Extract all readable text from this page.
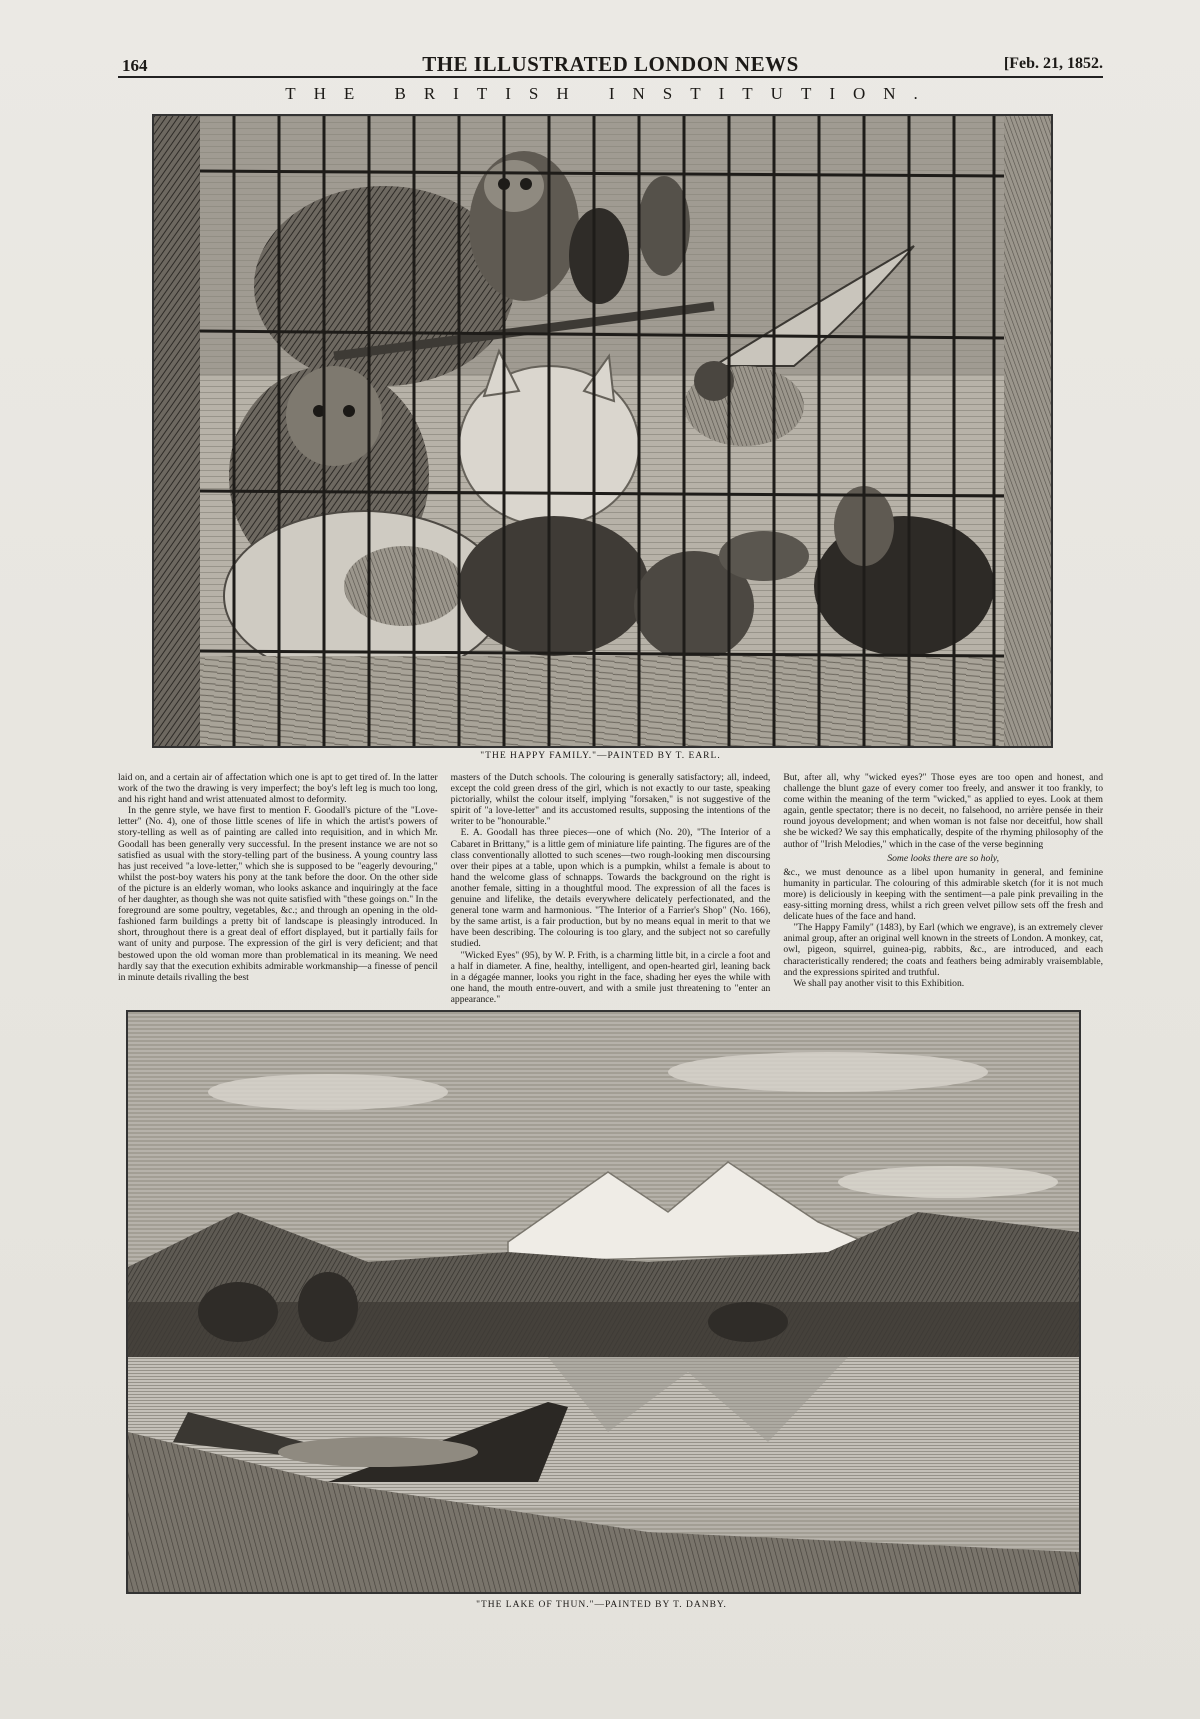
164	THE ILLUSTRATED LONDON NEWS	[Feb. 21, 1852.
THE BRITISH INSTITUTION.
"THE HAPPY FAMILY."—PAINTED BY T. EARL.

laid on, and a certain air of affectation which one is apt to get tired of. In the latter work of the two the drawing is very imperfect; the boy's left leg is much too long, and his right hand and wrist attenuated almost to deformity.

In the genre style, we have first to mention F. Goodall's picture of the "Love-letter" (No. 4), one of those little scenes of life in which the artist's powers of story-telling as well as of painting are called into requisition, and in which Mr. Goodall has been generally very successful. In the present instance we are not so satisfied as usual with the story-telling part of the business. A young country lass has just received "a love-letter," which she is supposed to be "eagerly devouring," whilst the post-boy waters his pony at the tank before the door. On the other side of the picture is an elderly woman, who looks askance and inquiringly at the face of her daughter, as though she was not quite satisfied with "these goings on." In the foreground are some poultry, vegetables, &c.; and through an opening in the old-fashioned farm buildings a pretty bit of landscape is pleasingly introduced. In short, throughout there is a great deal of effort displayed, but it partially fails for want of unity and purpose. The expression of the girl is very deficient; and that bestowed upon the old woman more than problematical in its meaning. We need hardly say that the execution exhibits admirable workmanship—a finesse of pencil in minute details rivalling the best

masters of the Dutch schools. The colouring is generally satisfactory; all, indeed, except the cold green dress of the girl, which is not exactly to our taste, speaking pictorially, whilst the colour itself, implying "forsaken," is not suggestive of the spirit of "a love-letter" and its accustomed results, supposing the intentions of the writer to be "honourable."

E. A. Goodall has three pieces—one of which (No. 20), "The Interior of a Cabaret in Brittany," is a little gem of miniature life painting. The figures are of the class conventionally allotted to such scenes—two rough-looking men discoursing over their pipes at a table, upon which is a pumpkin, whilst a female is about to hand the welcome glass of schnapps. Towards the background on the right is another female, sitting in a thoughtful mood. The expression of all the faces is genuine and lifelike, the details everywhere delicately perfectionated, and the general tone warm and harmonious. "The Interior of a Farrier's Shop" (No. 166), by the same artist, is a fair production, but by no means equal in merit to that we have been describing. The colouring is too glary, and the subject not so carefully studied.

"Wicked Eyes" (95), by W. P. Frith, is a charming little bit, in a circle a foot and a half in diameter. A fine, healthy, intelligent, and open-hearted girl, leaning back in a dégagée manner, looks you right in the face, shading her eyes the while with one hand, the mouth entre-ouvert, and with a smile just threatening to "enter an appearance."

But, after all, why "wicked eyes?" Those eyes are too open and honest, and challenge the blunt gaze of every comer too freely, and answer it too frankly, to come within the meaning of the term "wicked," as applied to eyes. Look at them again, gentle spectator; there is no deceit, no falsehood, no arrière pensée in their round joyous development; and when woman is not false nor deceitful, how shall she be wicked? We say this emphatically, despite of the rhyming philosophy of the author of "Irish Melodies," which in the case of the verse beginning

Some looks there are so holy,

&c., we must denounce as a libel upon humanity in general, and feminine humanity in particular. The colouring of this admirable sketch (for it is not much more) is deliciously in keeping with the sentiment—a pale pink prevailing in the easy-sitting morning dress, whilst a rich green velvet pillow sets off the fresh and delicate hues of the face and hand.

"The Happy Family" (1483), by Earl (which we engrave), is an extremely clever animal group, after an original well known in the streets of London. A monkey, cat, owl, pigeon, squirrel, guinea-pig, rabbits, &c., are introduced, and each characteristically rendered; the coats and feathers being admirably vraisemblable, and the expressions spirited and truthful.

We shall pay another visit to this Exhibition.

"THE LAKE OF THUN."—PAINTED BY T. DANBY.
